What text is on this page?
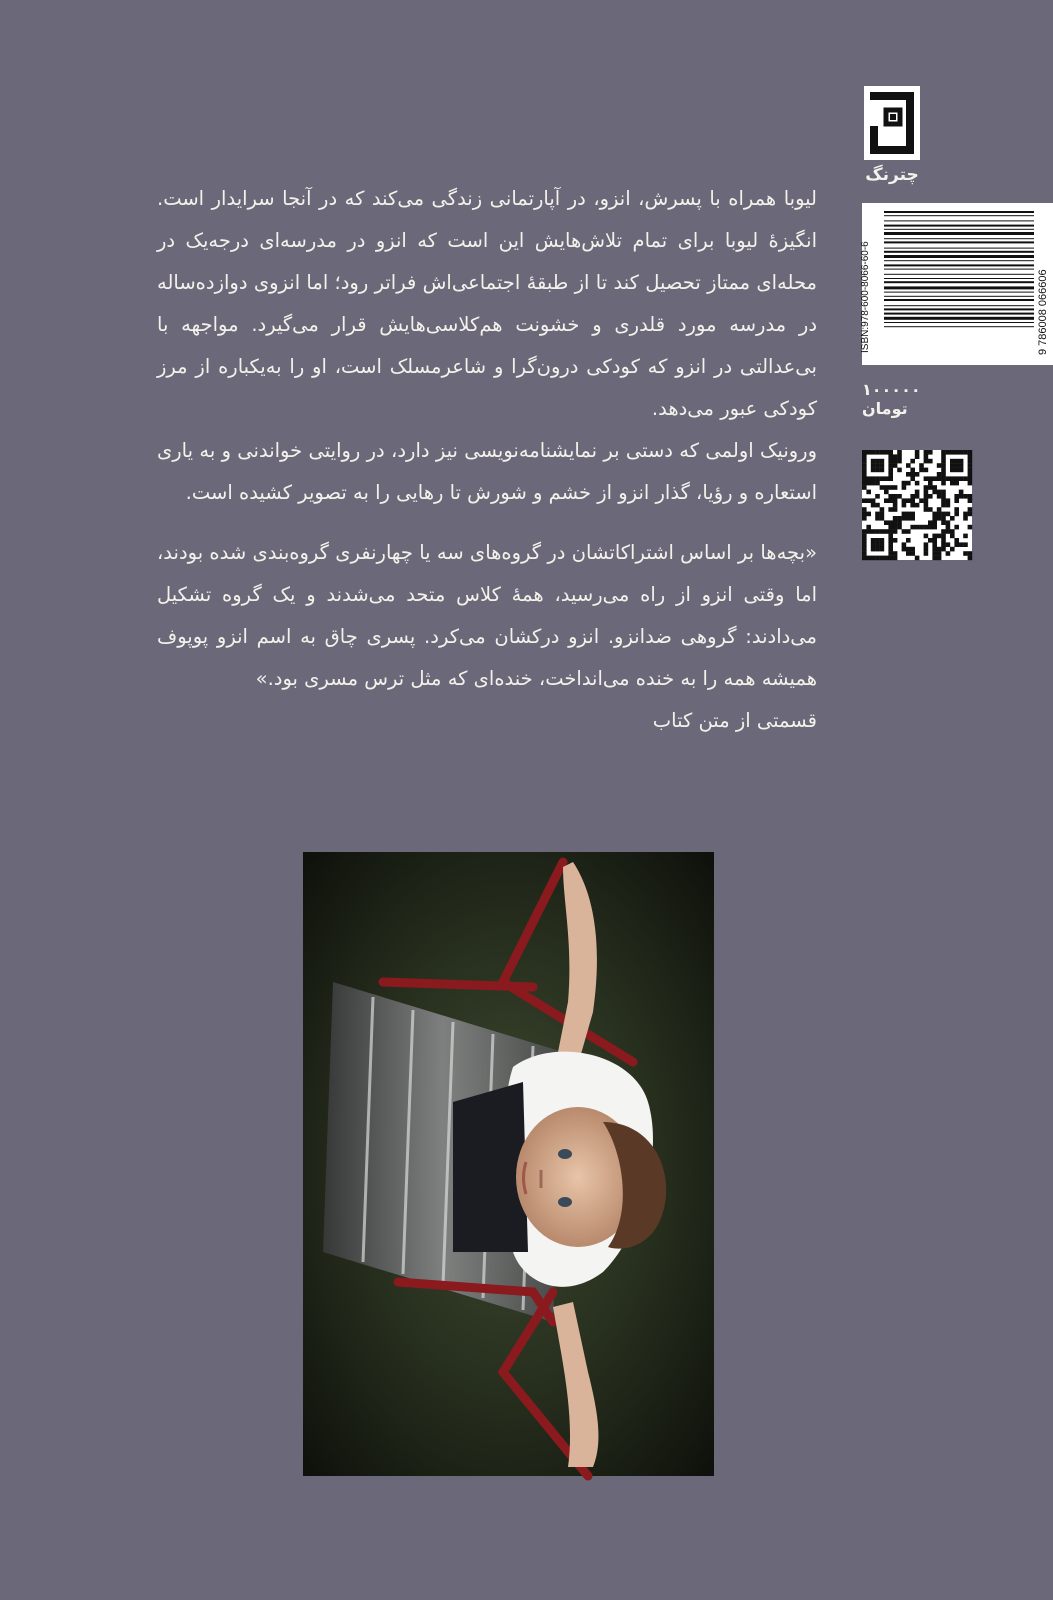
چترنگ
ISBN:978-600-8066-60-6	9 786008 066606
۱۰۰۰۰۰ تومان

لیوبا همراه با پسرش، انزو، در آپارتمانی زندگی می‌کند که در آنجا سرایدار است. انگیزهٔ لیوبا برای تمام تلاش‌هایش این است که انزو در مدرسه‌ای درجه‌یک در محله‌ای ممتاز تحصیل کند تا از طبقهٔ اجتماعی‌اش فراتر رود؛ اما انزوی دوازده‌ساله در مدرسه مورد قلدری و خشونت هم‌کلاسی‌هایش قرار می‌گیرد. مواجهه با بی‌عدالتی در انزو که کودکی درون‌گرا و شاعرمسلک است، او را به‌یکباره از مرز کودکی عبور می‌دهد.

ورونیک اولمی که دستی بر نمایشنامه‌نویسی نیز دارد، در روایتی خواندنی و به یاری استعاره و رؤیا، گذار انزو از خشم و شورش تا رهایی را به تصویر کشیده است.

«بچه‌ها بر اساس اشتراکاتشان در گروه‌های سه یا چهارنفری گروه‌بندی شده بودند، اما وقتی انزو از راه می‌رسید، همهٔ کلاس متحد می‌شدند و یک گروه تشکیل می‌دادند: گروهی ضدانزو. انزو درکشان می‌کرد. پسری چاق به اسم انزو پوپوف همیشه همه را به خنده می‌انداخت، خنده‌ای که مثل ترس مسری بود.»

قسمتی از متن کتاب
